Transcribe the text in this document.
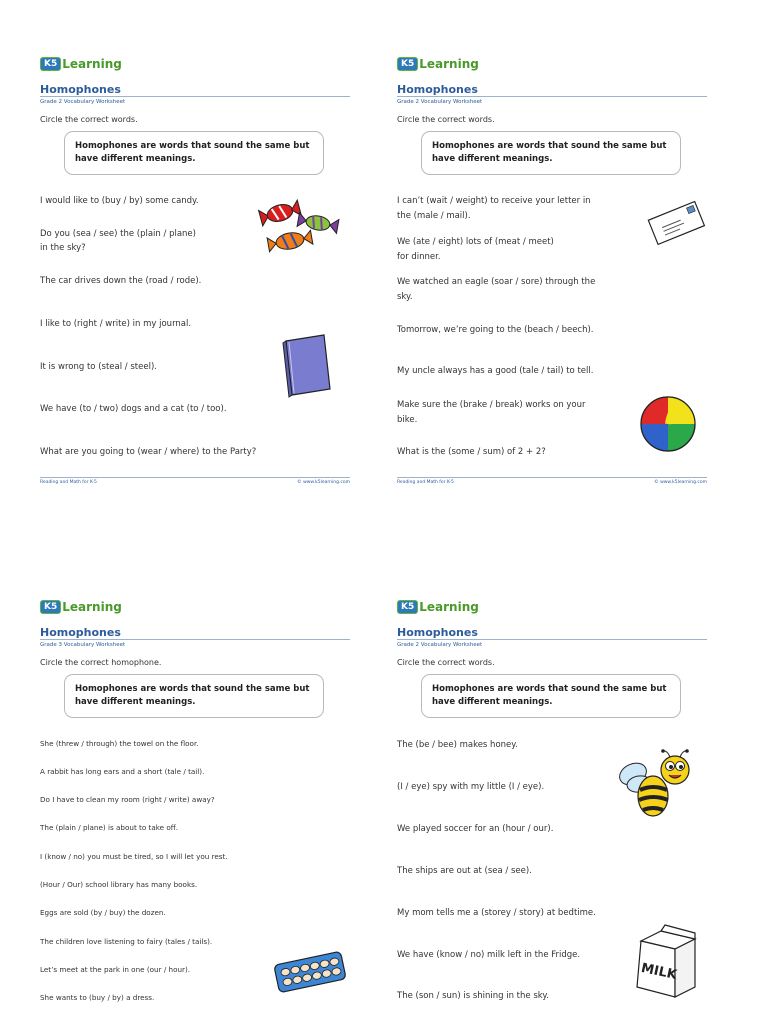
K5 Learning
Homophones
Grade 2 Vocabulary Worksheet
Circle the correct words.
Homophones are words that sound the same but
have different meanings.
I would like to (buy / by) some candy.
Do you (sea / see) the (plain / plane)
in the sky?
The car drives down the (road / rode).
I like to (right / write) in my journal.
It is wrong to (steal / steel).
We have (to / two) dogs and a cat (to / too).
What are you going to (wear / where) to the Party?
Reading and Math for K-5	© www.k5learning.com
K5 Learning
Homophones
Grade 2 Vocabulary Worksheet
Circle the correct words.
Homophones are words that sound the same but
have different meanings.
I can’t (wait / weight) to receive your letter in
the (male / mail).
We (ate / eight) lots of (meat / meet)
for dinner.
We watched an eagle (soar / sore) through the
sky.
Tomorrow, we’re going to the (beach / beech).
My uncle always has a good (tale / tail) to tell.
Make sure the (brake / break) works on your
bike.
What is the (some / sum) of 2 + 2?
Reading and Math for K-5	© www.k5learning.com
K5 Learning
Homophones
Grade 3 Vocabulary Worksheet
Circle the correct homophone.
Homophones are words that sound the same but
have different meanings.
She (threw / through) the towel on the floor.
A rabbit has long ears and a short (tale / tail).
Do I have to clean my room (right / write) away?
The (plain / plane) is about to take off.
I (know / no) you must be tired, so I will let you rest.
(Hour / Our) school library has many books.
Eggs are sold (by / buy) the dozen.
The children love listening to fairy (tales / tails).
Let’s meet at the park in one (our / hour).
She wants to (buy / by) a dress.
K5 Learning
Homophones
Grade 2 Vocabulary Worksheet
Circle the correct words.
Homophones are words that sound the same but
have different meanings.
The (be / bee) makes honey.
(I / eye) spy with my little (I / eye).
We played soccer for an (hour / our).
The ships are out at (sea / see).
My mom tells me a (storey / story) at bedtime.
We have (know / no) milk left in the Fridge.
The (son / sun) is shining in the sky.
MILK
